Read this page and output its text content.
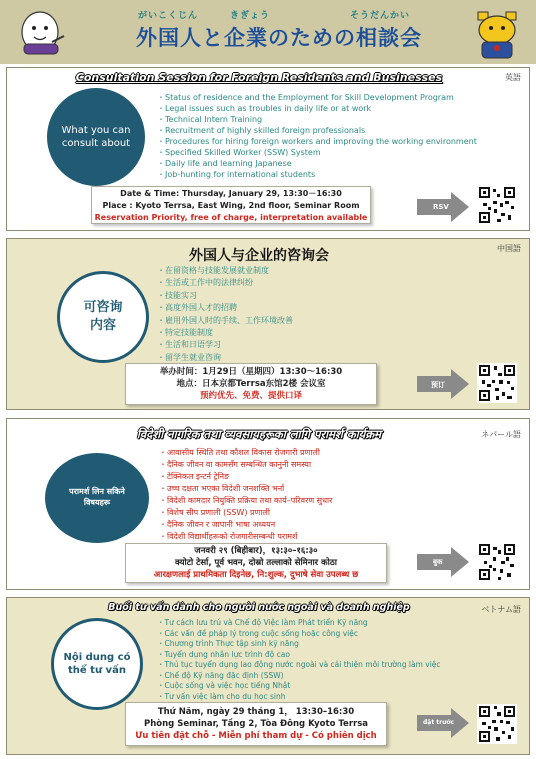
がいこくじん	きぎょう	そうだんかい
外国人と企業のための相談会
Consultation Session for Foreign Residents and Businesses	英語
What you can consult about
・ Status of residence and the Employment for Skill Development Program
・ Legal issues such as troubles in daily life or at work
・ Technical Intern Training
・ Recruitment of highly skilled foreign professionals
・ Procedures for hiring foreign workers and improving the working environment
・ Specified Skilled Worker (SSW) System
・ Daily life and learning Japanese
・ Job-hunting for international students
Date & Time: Thursday, January 29, 13:30－16:30
Place : Kyoto Terrsa, East Wing, 2nd floor, Seminar Room
Reservation Priority, free of charge, interpretation available
RSV
外国人与企业的咨询会	中国語
可咨询
内容
・ 在留资格与技能发展就业制度
・ 生活或工作中的法律纠纷
・ 技能实习
・ 高度外国人才的招聘
・ 雇用外国人时的手续、工作环境改善
・ 特定技能制度
・ 生活和日语学习
・ 留学生就业咨询
举办时间：1月29日（星期四）13:30～16:30
地点：日本京都Terrsa东馆2楼 会议室
预约优先、免费、提供口译
预订
विदेशी नागरिक तथा व्यवसायहरूका लागि परामर्श कार्यक्रम	ネパール語
परामर्श लिन सकिने विषयहरू
・ आवासीय स्थिति तथा कौशल विकास रोजगारी प्रणाली
・ दैनिक जीवन वा कामसँग सम्बन्धित कानुनी समस्या
・ टेक्निकल इन्टर्न ट्रेनिङ
・ उच्च दक्षता भएका विदेशी जनशक्ति भर्ना
・ विदेशी कामदार नियुक्ति प्रक्रिया तथा कार्य–परिवरण सुधार
・ विशेष सीप प्रणाली (SSW) प्रणाली
・ दैनिक जीवन र जापानी भाषा अध्ययन
・ विदेशी विद्यार्थीहरूको रोजगारीसम्बन्धी परामर्श
जनवरी २९ (बिहीबार)，१३:३०–१६:३०
क्योटो टेर्सा, पूर्व भवन, दोस्रो तल्लाको सेमिनार कोठा
आरक्षणलाई प्राथमिकता दिइनेछ, नि:शुल्क, दुभाषे सेवा उपलब्ध छ
बुक
Buổi tư vấn dành cho người nước ngoài và doanh nghiệp	ベトナム語
Nội dung có
thể tư vấn
・ Tư cách lưu trú và Chế độ Việc làm Phát triển Kỹ năng
・ Các vấn đề pháp lý trong cuộc sống hoặc công việc
・ Chương trình Thực tập sinh kỹ năng
・ Tuyển dụng nhân lực trình độ cao
・ Thủ tục tuyển dụng lao động nước ngoài và cải thiện môi trường làm việc
・ Chế độ Kỹ năng đặc định (SSW)
・ Cuộc sống và việc học tiếng Nhật
・ Tư vấn việc làm cho du học sinh
Thứ Năm, ngày 29 tháng 1， 13:30–16:30
Phòng Seminar, Tầng 2, Tòa Đông Kyoto Terrsa
Ưu tiên đặt chỗ - Miễn phí tham dự - Có phiên dịch
đặt trước
